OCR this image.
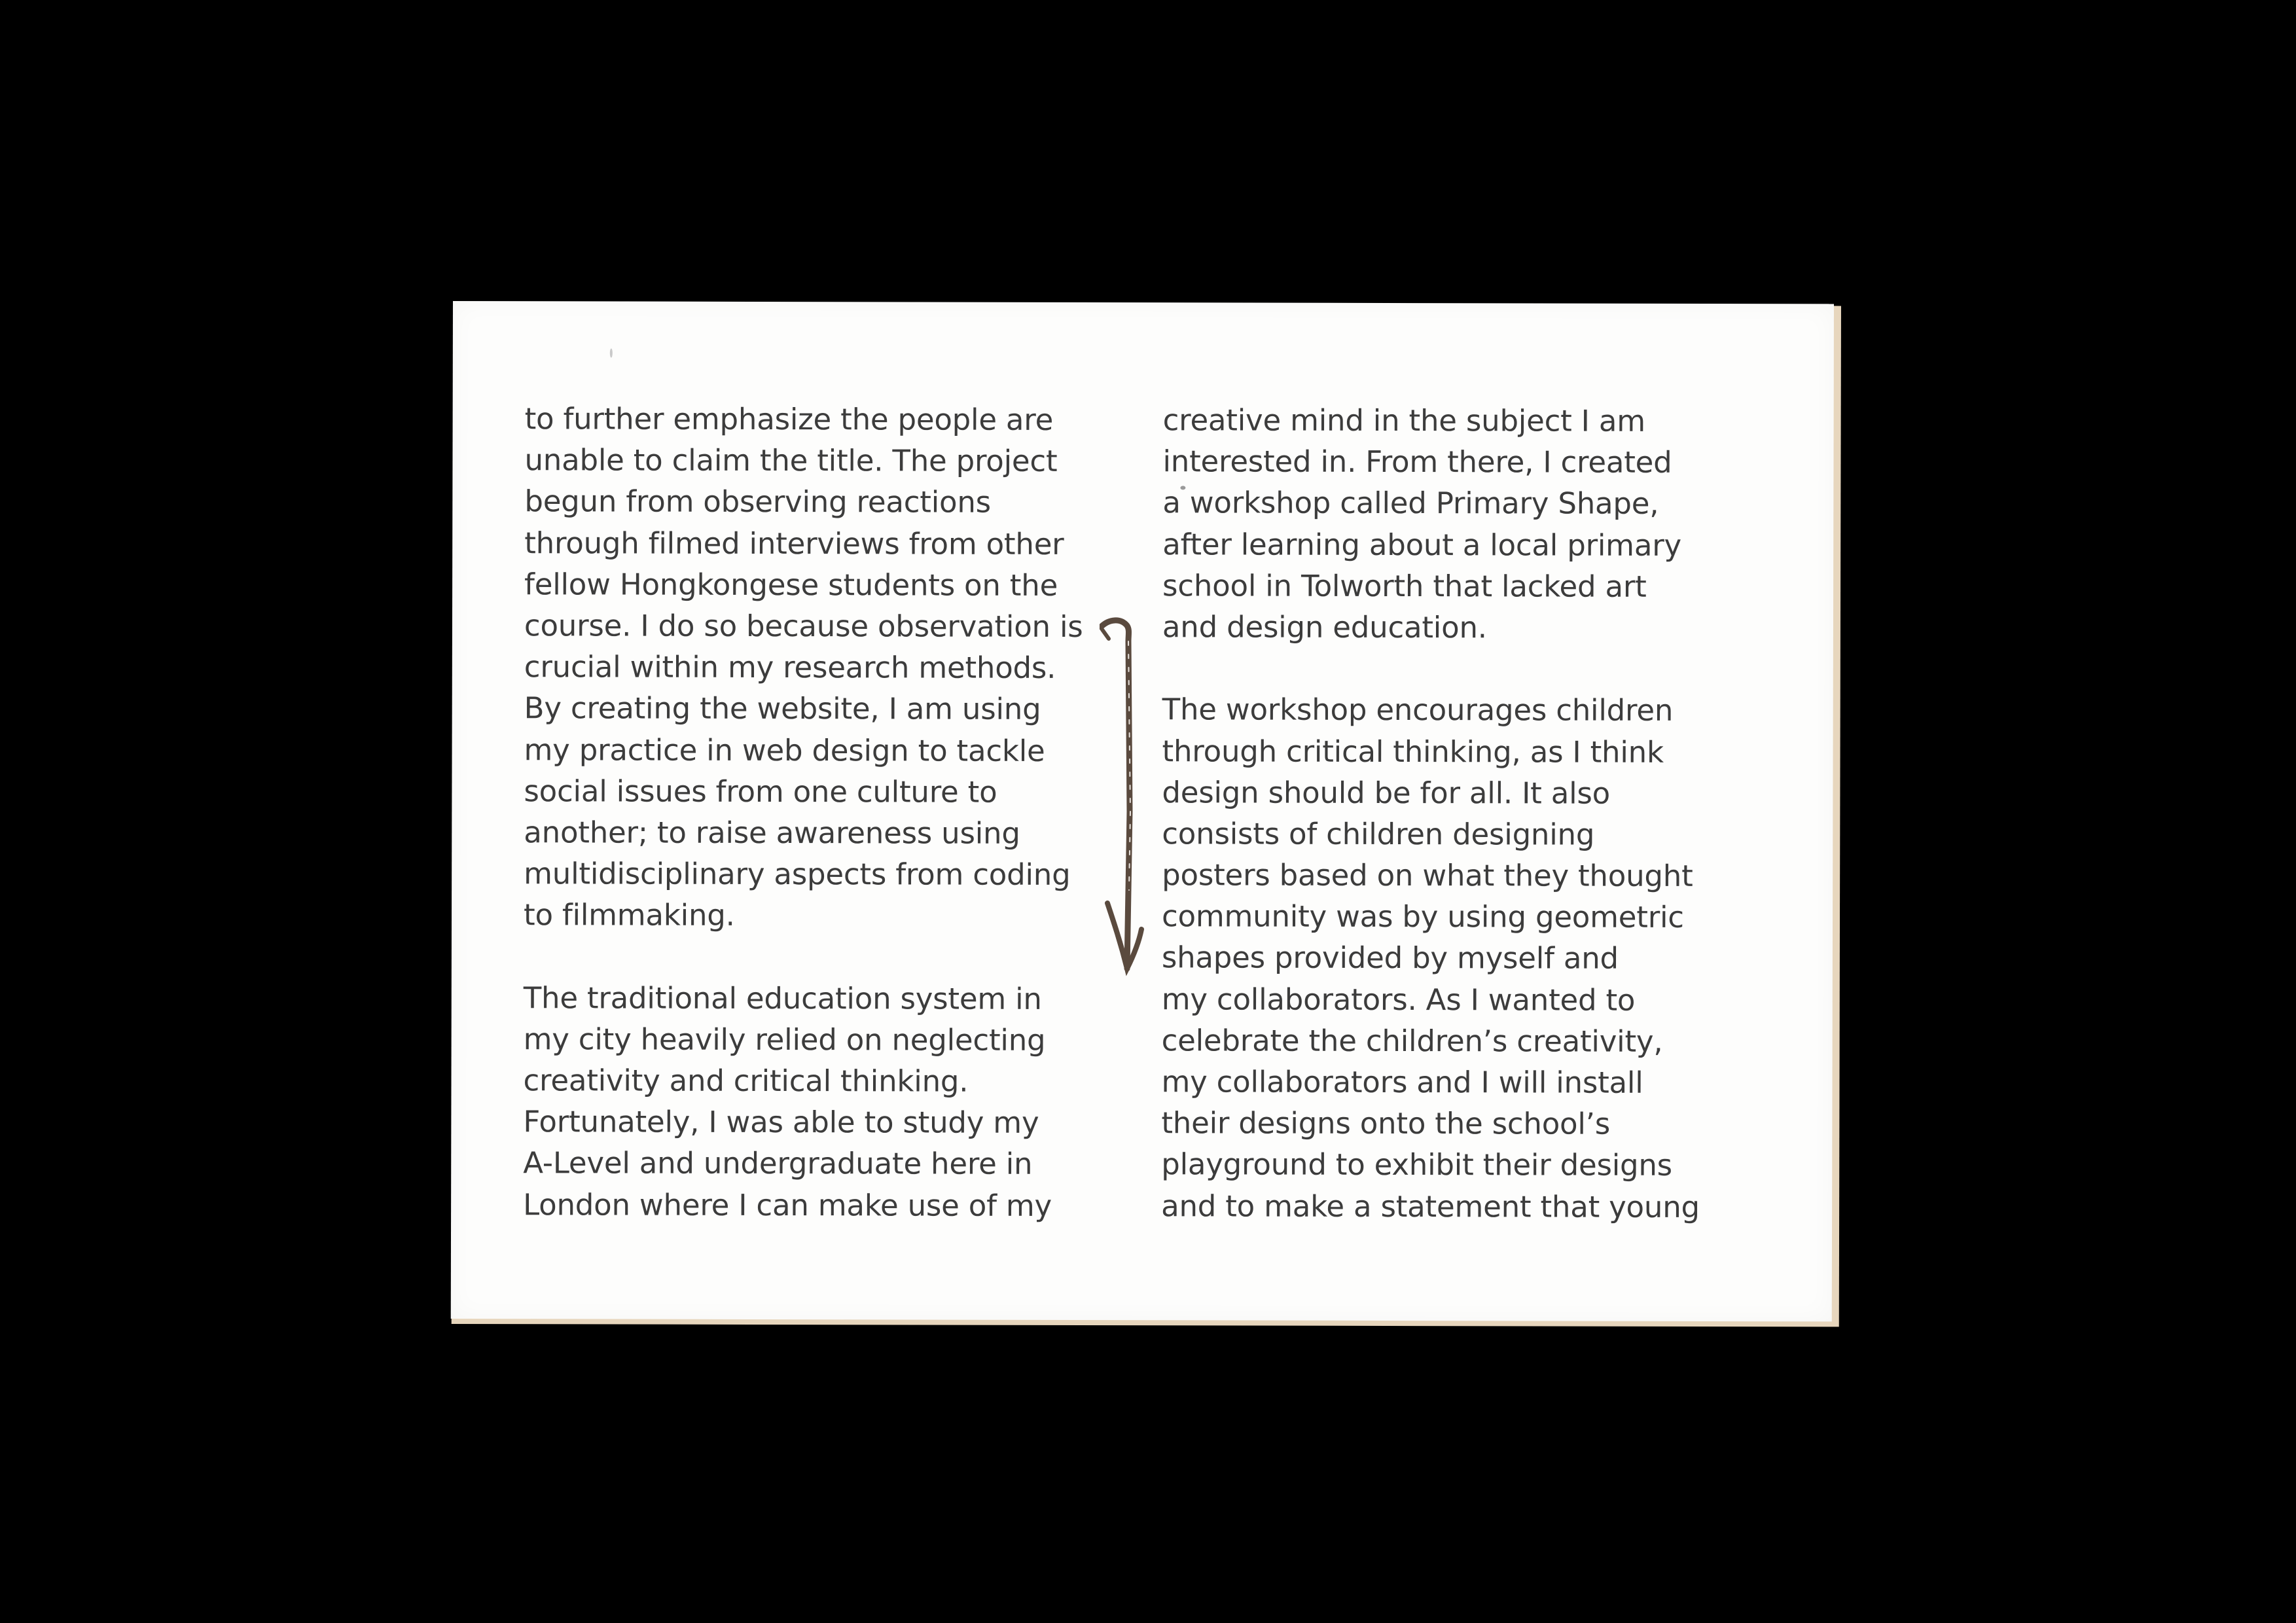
to further emphasize the people are
unable to claim the title. The project
begun from observing reactions
through filmed interviews from other
fellow Hongkongese students on the
course. I do so because observation is
crucial within my research methods.
By creating the website, I am using
my practice in web design to tackle
social issues from one culture to
another; to raise awareness using
multidisciplinary aspects from coding
to filmmaking.
The traditional education system in
my city heavily relied on neglecting
creativity and critical thinking.
Fortunately, I was able to study my
A-Level and undergraduate here in
London where I can make use of my
creative mind in the subject I am
interested in. From there, I created
a workshop called Primary Shape,
after learning about a local primary
school in Tolworth that lacked art
and design education.
The workshop encourages children
through critical thinking, as I think
design should be for all. It also
consists of children designing
posters based on what they thought
community was by using geometric
shapes provided by myself and
my collaborators. As I wanted to
celebrate the children’s creativity,
my collaborators and I will install
their designs onto the school’s
playground to exhibit their designs
and to make a statement that young
